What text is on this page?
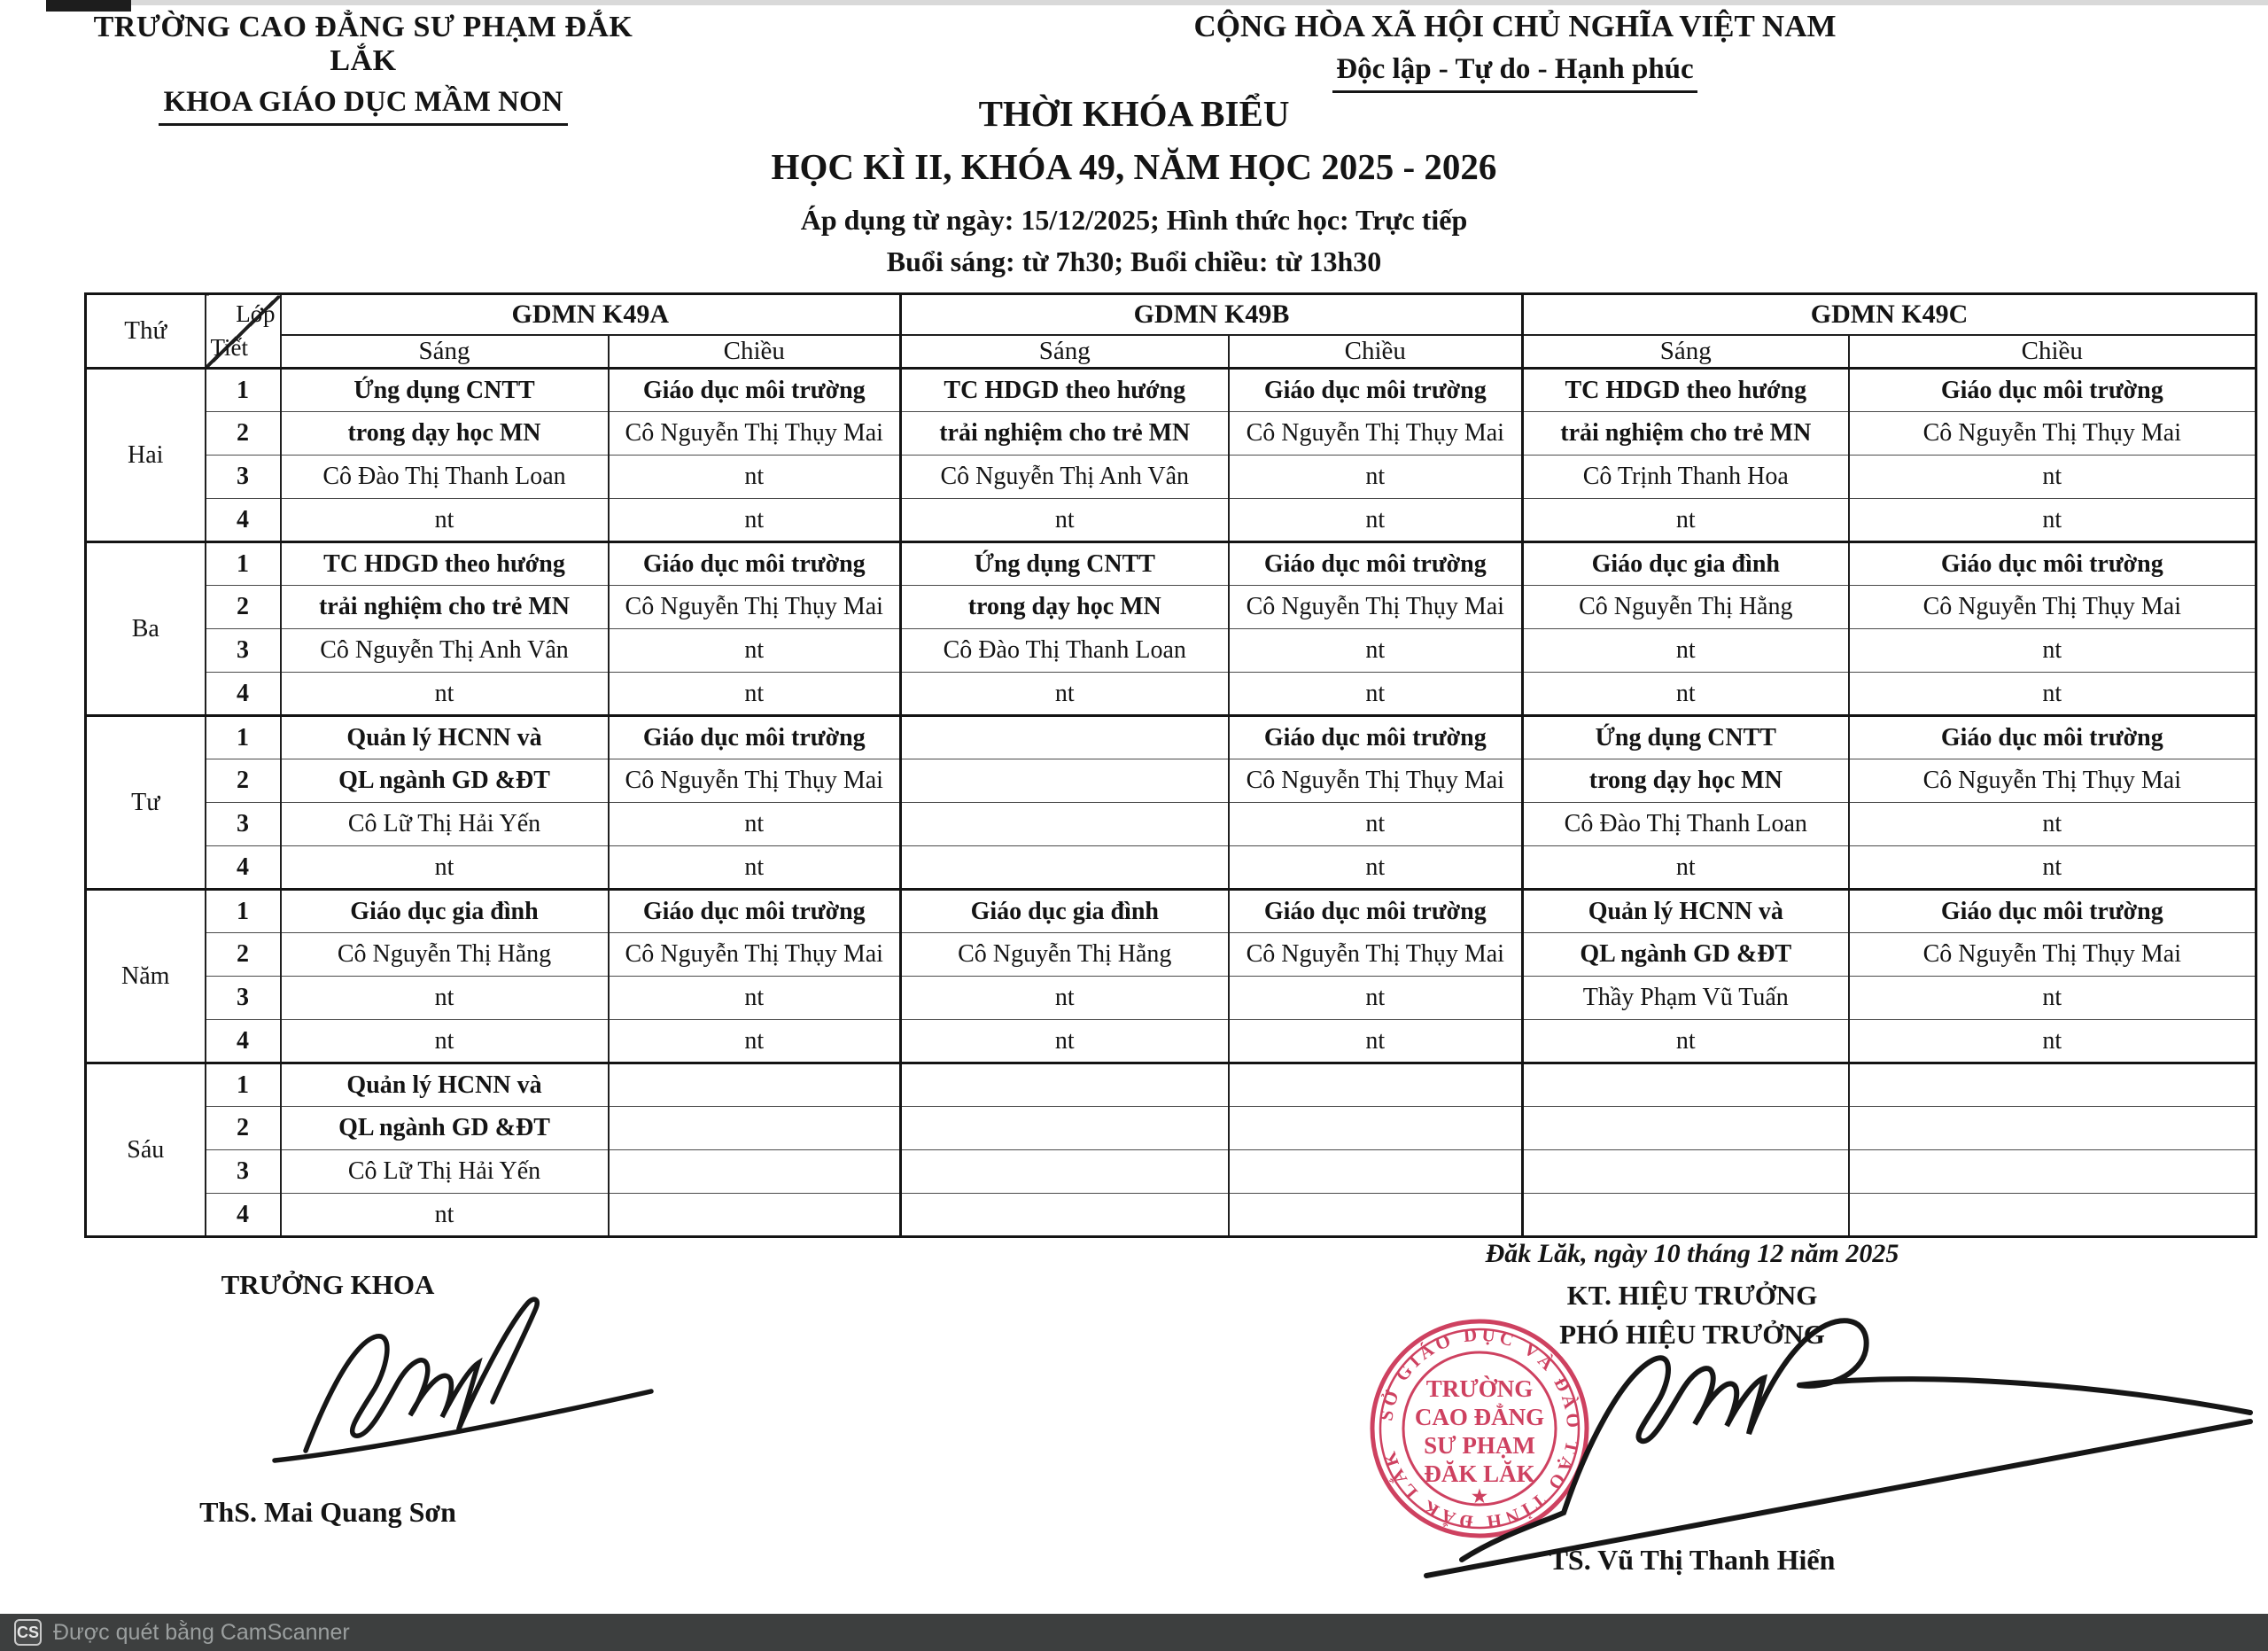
TRƯỜNG CAO ĐẲNG SƯ PHẠM ĐẮK LẮK
KHOA GIÁO DỤC MẦM NON
CỘNG HÒA XÃ HỘI CHỦ NGHĨA VIỆT NAM
Độc lập - Tự do - Hạnh phúc
THỜI KHÓA BIỂU
HỌC KÌ II, KHÓA 49, NĂM HỌC 2025 - 2026
Áp dụng từ ngày: 15/12/2025; Hình thức học: Trực tiếp
Buổi sáng: từ 7h30; Buổi chiều: từ 13h30
Thứ	Lớp
Tiết	GDMN K49A		GDMN K49B		GDMN K49C	
		Sáng	Chiều	Sáng	Chiều	Sáng	Chiều
Hai	1	Ứng dụng CNTT	Giáo dục môi trường	TC HDGD theo hướng	Giáo dục môi trường	TC HDGD theo hướng	Giáo dục môi trường
	2	trong dạy học MN	Cô Nguyễn Thị Thụy Mai	trải nghiệm cho trẻ MN	Cô Nguyễn Thị Thụy Mai	trải nghiệm cho trẻ MN	Cô Nguyễn Thị Thụy Mai
	3	Cô Đào Thị Thanh Loan	nt	Cô Nguyễn Thị Anh Vân	nt	Cô Trịnh Thanh Hoa	nt
	4	nt	nt	nt	nt	nt	nt
Ba	1	TC HDGD theo hướng	Giáo dục môi trường	Ứng dụng CNTT	Giáo dục môi trường	Giáo dục gia đình	Giáo dục môi trường
	2	trải nghiệm cho trẻ MN	Cô Nguyễn Thị Thụy Mai	trong dạy học MN	Cô Nguyễn Thị Thụy Mai	Cô Nguyễn Thị Hằng	Cô Nguyễn Thị Thụy Mai
	3	Cô Nguyễn Thị Anh Vân	nt	Cô Đào Thị Thanh Loan	nt	nt	nt
	4	nt	nt	nt	nt	nt	nt
Tư	1	Quản lý HCNN và	Giáo dục môi trường		Giáo dục môi trường	Ứng dụng CNTT	Giáo dục môi trường
	2	QL ngành GD &ĐT	Cô Nguyễn Thị Thụy Mai		Cô Nguyễn Thị Thụy Mai	trong dạy học MN	Cô Nguyễn Thị Thụy Mai
	3	Cô Lữ Thị Hải Yến	nt		nt	Cô Đào Thị Thanh Loan	nt
	4	nt	nt		nt	nt	nt
Năm	1	Giáo dục gia đình	Giáo dục môi trường	Giáo dục gia đình	Giáo dục môi trường	Quản lý HCNN và	Giáo dục môi trường
	2	Cô Nguyễn Thị Hằng	Cô Nguyễn Thị Thụy Mai	Cô Nguyễn Thị Hằng	Cô Nguyễn Thị Thụy Mai	QL ngành GD &ĐT	Cô Nguyễn Thị Thụy Mai
	3	nt	nt	nt	nt	Thầy Phạm Vũ Tuấn	nt
	4	nt	nt	nt	nt	nt	nt
Sáu	1	Quản lý HCNN và					
	2	QL ngành GD &ĐT					
	3	Cô Lữ Thị Hải Yến					
	4	nt					
TRƯỞNG KHOA
ThS. Mai Quang Sơn
Đăk Lăk, ngày 10 tháng 12 năm 2025
KT. HIỆU TRƯỞNG
PHÓ HIỆU TRƯỞNG
SỞ GIÁO DỤC VÀ ĐÀO TẠO TỈNH ĐẮK LẮK
TRƯỜNG
CAO ĐẲNG
SƯ PHẠM
ĐĂK LĂK
★
TS. Vũ Thị Thanh Hiển
CS Được quét bằng CamScanner
